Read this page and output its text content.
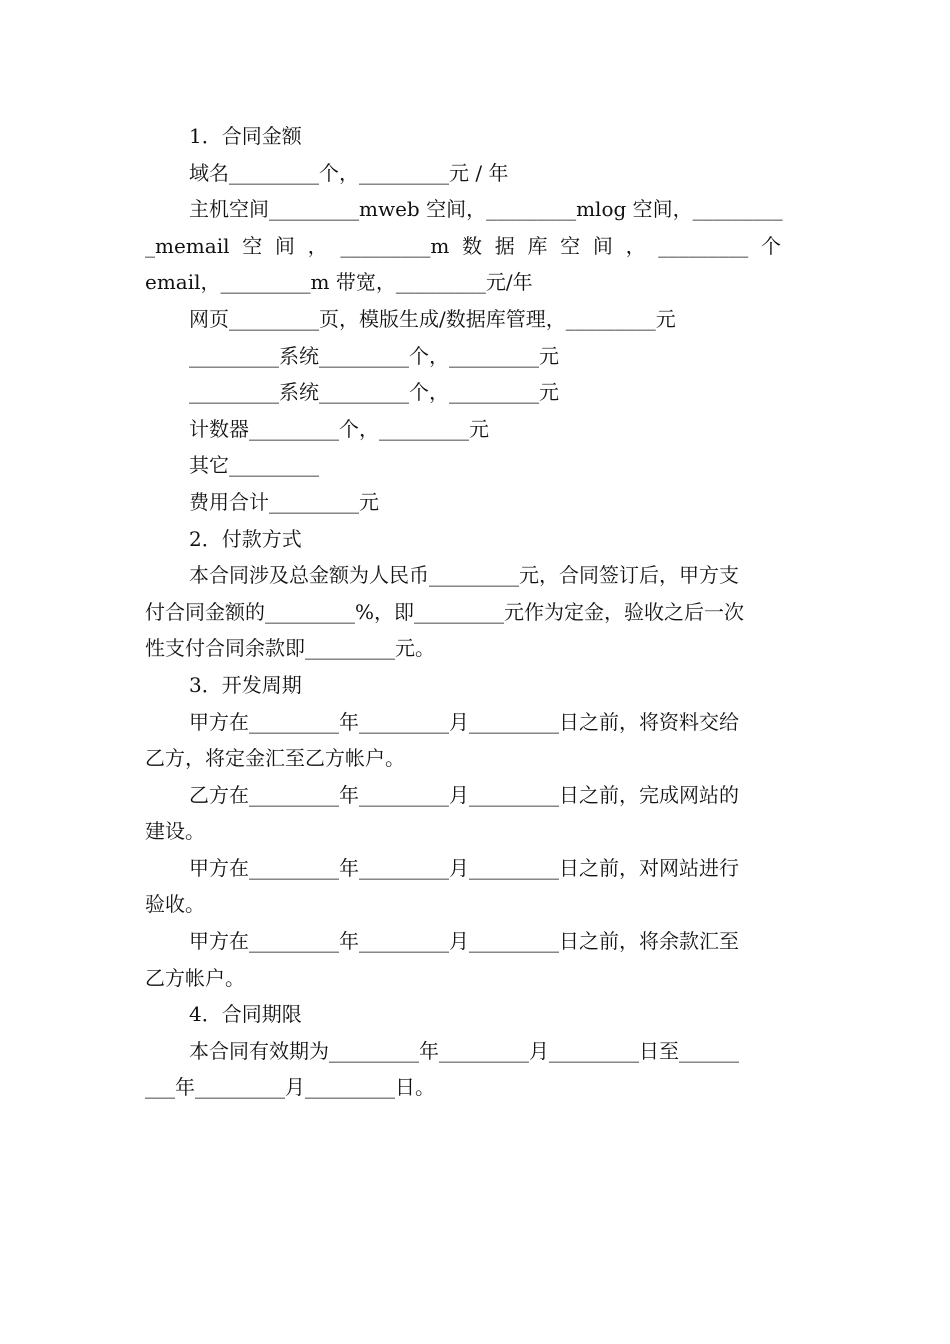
1．合同金额
域名_________个，_________元 / 年
主机空间_________mweb 空间，_________mlog 空间，_________
_memail  空  间  ，  _________m  数  据  库  空  间  ，  _________  个
email，_________m 带宽，_________元/年
网页_________页，模版生成/数据库管理，_________元
_________系统_________个，_________元
_________系统_________个，_________元
计数器_________个，_________元
其它_________
费用合计_________元
2．付款方式
本合同涉及总金额为人民币_________元，合同签订后，甲方支
付合同金额的_________%，即_________元作为定金，验收之后一次
性支付合同余款即_________元。
3．开发周期
甲方在_________年_________月_________日之前，将资料交给
乙方，将定金汇至乙方帐户。
乙方在_________年_________月_________日之前，完成网站的
建设。
甲方在_________年_________月_________日之前，对网站进行
验收。
甲方在_________年_________月_________日之前，将余款汇至
乙方帐户。
4．合同期限
本合同有效期为_________年_________月_________日至______
___年_________月_________日。
